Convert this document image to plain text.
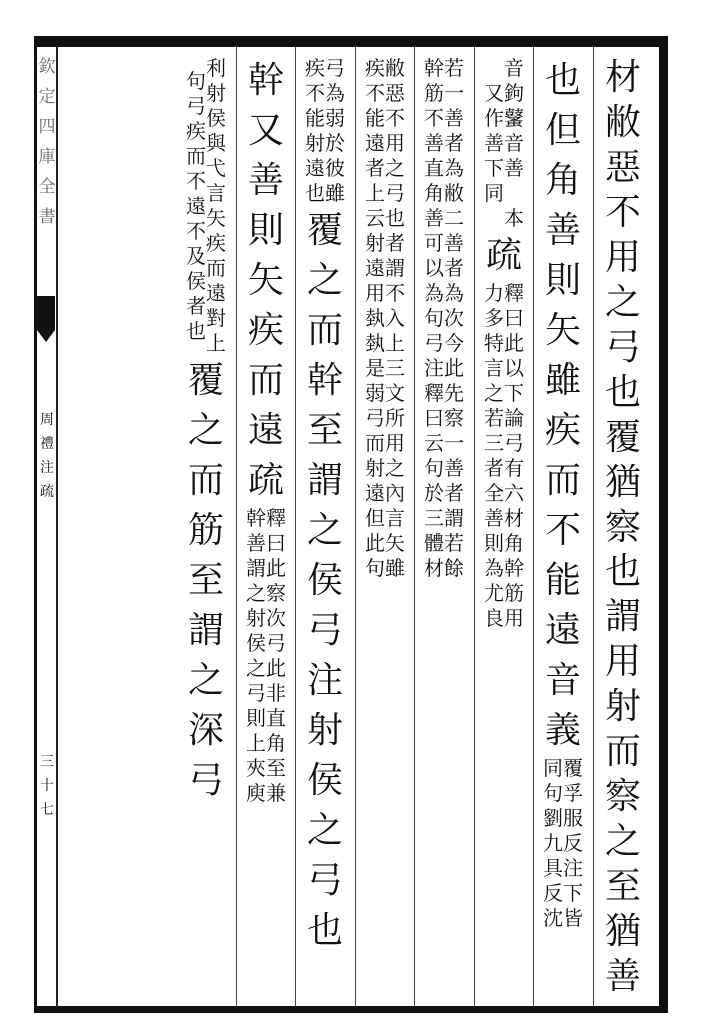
欽定四庫全書
周禮注疏
三十七
材
敝
惡
不
用
之
弓
也
覆
猶
察
也
謂
用
射
而
察
之
至
猶
善
也
但
角
善
則
矢
雖
疾
而
不
能
遠
音
義
覆
孚
服
反
注
下
皆
同
句
劉
九
具
反
沈
音
鉤
鼜
音
善

本
又
作
善
下
同
疏
釋
曰
此
以
下
論
弓
有
六
材
角
幹
筋
用
力
多
特
言
之
若
三
者
全
善
則
為
尤
良
若
一
善
者
為
敝
二
善
者
為
次
今
此
先
察
一
善
者
謂
若
餘
幹
筋
不
善
直
角
善
可
以
為
句
弓
注
釋
曰
云
句
於
三
體
材
敝
惡
不
用
之
弓
也
者
謂
不
入
上
三
文
所
用
之
內
言
矢
雖
疾
不
能
遠
者
上
云
射
遠
用
埶
埶
是
弱
弓
而
射
遠
但
此
句
弓
為
弱
於
彼
雖
疾
不
能
射
遠
也
覆
之
而
幹
至
謂
之
侯
弓
注
射
侯
之
弓
也
幹
又
善
則
矢
疾
而
遠
疏
釋
曰
此
察
次
弓
此
非
直
角
至
兼
幹
善
謂
之
射
侯
之
弓
則
上
夾
庾
利
射
侯
與
弋
言
矢
疾
而
遠
對
上
句
弓
疾
而
不
遠
不
及
侯
者
也
覆
之
而
筋
至
謂
之
深
弓
